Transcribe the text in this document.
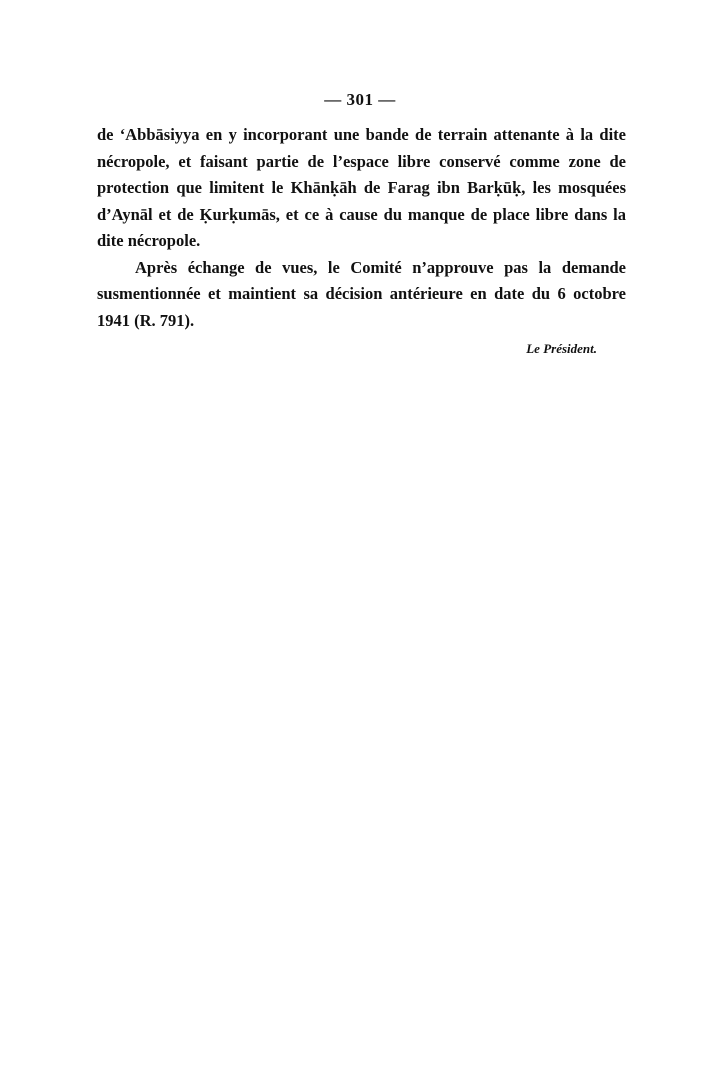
— 301 —

de ‘Abbāsiyya en y incorporant une bande de terrain attenante à la dite nécropole, et faisant partie de l’espace libre conservé comme zone de protection que limitent le Khānḳāh de Farag ibn Barḳūḳ, les mosquées d’Aynāl et de Ḳurḳumās, et ce à cause du manque de place libre dans la dite nécropole.

Après échange de vues, le Comité n’approuve pas la demande susmentionnée et maintient sa décision antérieure en date du 6 octobre 1941 (R. 791).

Le Président.
